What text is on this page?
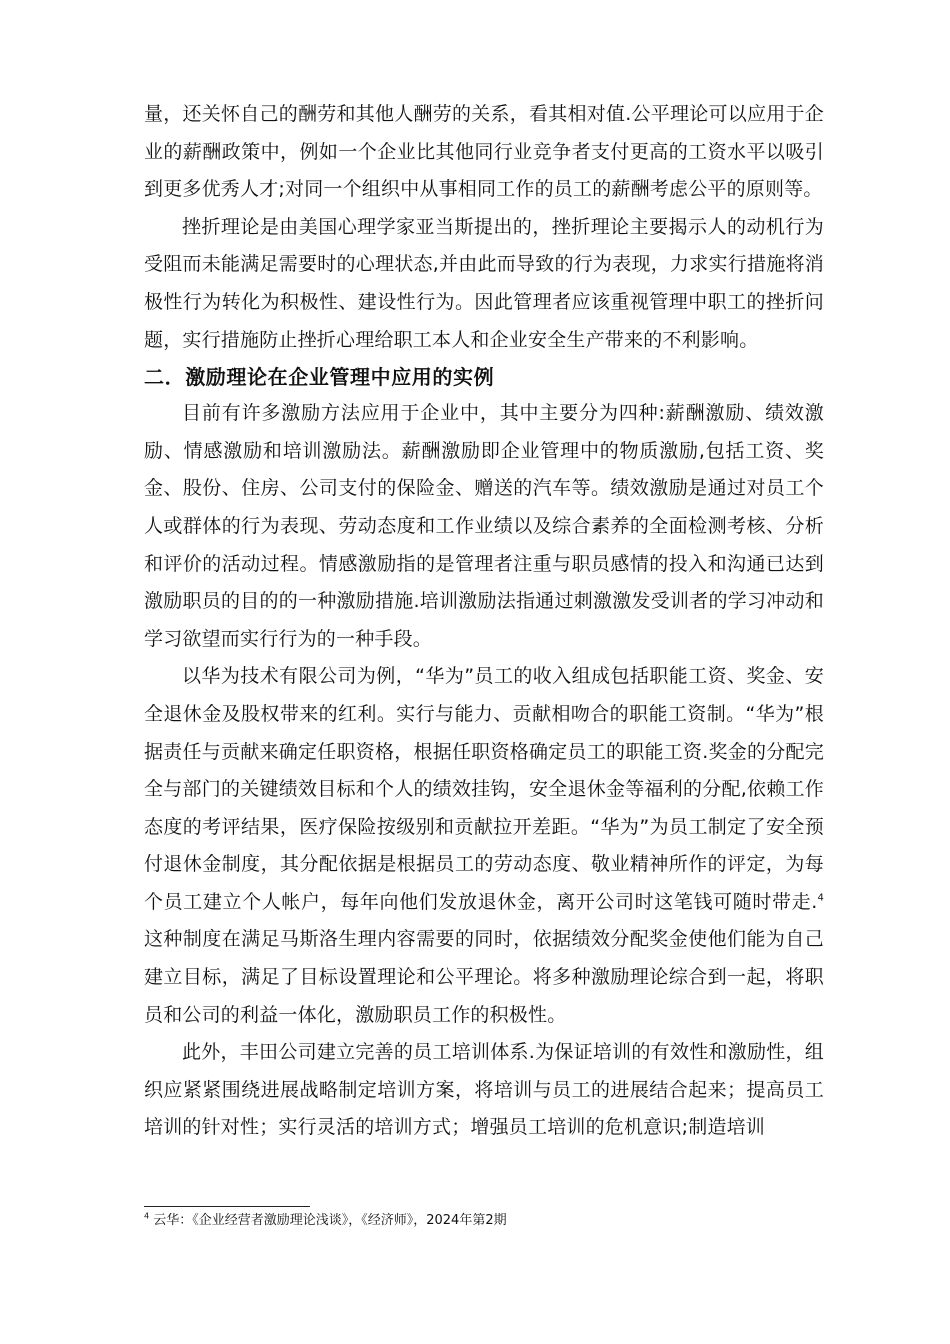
量，还关怀自己的酬劳和其他人酬劳的关系，看其相对值.公平理论可以应用于企业的薪酬政策中，例如一个企业比其他同行业竞争者支付更高的工资水平以吸引到更多优秀人才;对同一个组织中从事相同工作的员工的薪酬考虑公平的原则等。

挫折理论是由美国心理学家亚当斯提出的，挫折理论主要揭示人的动机行为受阻而未能满足需要时的心理状态,并由此而导致的行为表现，力求实行措施将消极性行为转化为积极性、建设性行为。因此管理者应该重视管理中职工的挫折问题，实行措施防止挫折心理给职工本人和企业安全生产带来的不利影响。

二．激励理论在企业管理中应用的实例

目前有许多激励方法应用于企业中，其中主要分为四种:薪酬激励、绩效激励、情感激励和培训激励法。薪酬激励即企业管理中的物质激励,包括工资、奖金、股份、住房、公司支付的保险金、赠送的汽车等。绩效激励是通过对员工个人或群体的行为表现、劳动态度和工作业绩以及综合素养的全面检测考核、分析和评价的活动过程。情感激励指的是管理者注重与职员感情的投入和沟通已达到激励职员的目的的一种激励措施.培训激励法指通过刺激激发受训者的学习冲动和学习欲望而实行行为的一种手段。

以华为技术有限公司为例，“华为”员工的收入组成包括职能工资、奖金、安全退休金及股权带来的红利。实行与能力、贡献相吻合的职能工资制。“华为”根据责任与贡献来确定任职资格，根据任职资格确定员工的职能工资.奖金的分配完全与部门的关键绩效目标和个人的绩效挂钩，安全退休金等福利的分配,依赖工作态度的考评结果，医疗保险按级别和贡献拉开差距。“华为”为员工制定了安全预付退休金制度，其分配依据是根据员工的劳动态度、敬业精神所作的评定，为每个员工建立个人帐户，每年向他们发放退休金，离开公司时这笔钱可随时带走.$^4$这种制度在满足马斯洛生理内容需要的同时，依据绩效分配奖金使他们能为自己建立目标，满足了目标设置理论和公平理论。将多种激励理论综合到一起，将职员和公司的利益一体化，激励职员工作的积极性。

此外，丰田公司建立完善的员工培训体系.为保证培训的有效性和激励性，组织应紧紧围绕进展战略制定培训方案，将培训与员工的进展结合起来；提高员工培训的针对性；实行灵活的培训方式；增强员工培训的危机意识;制造培训

$^4$ 云华：《企业经营者激励理论浅谈》，《经济师》，2024年第2期
